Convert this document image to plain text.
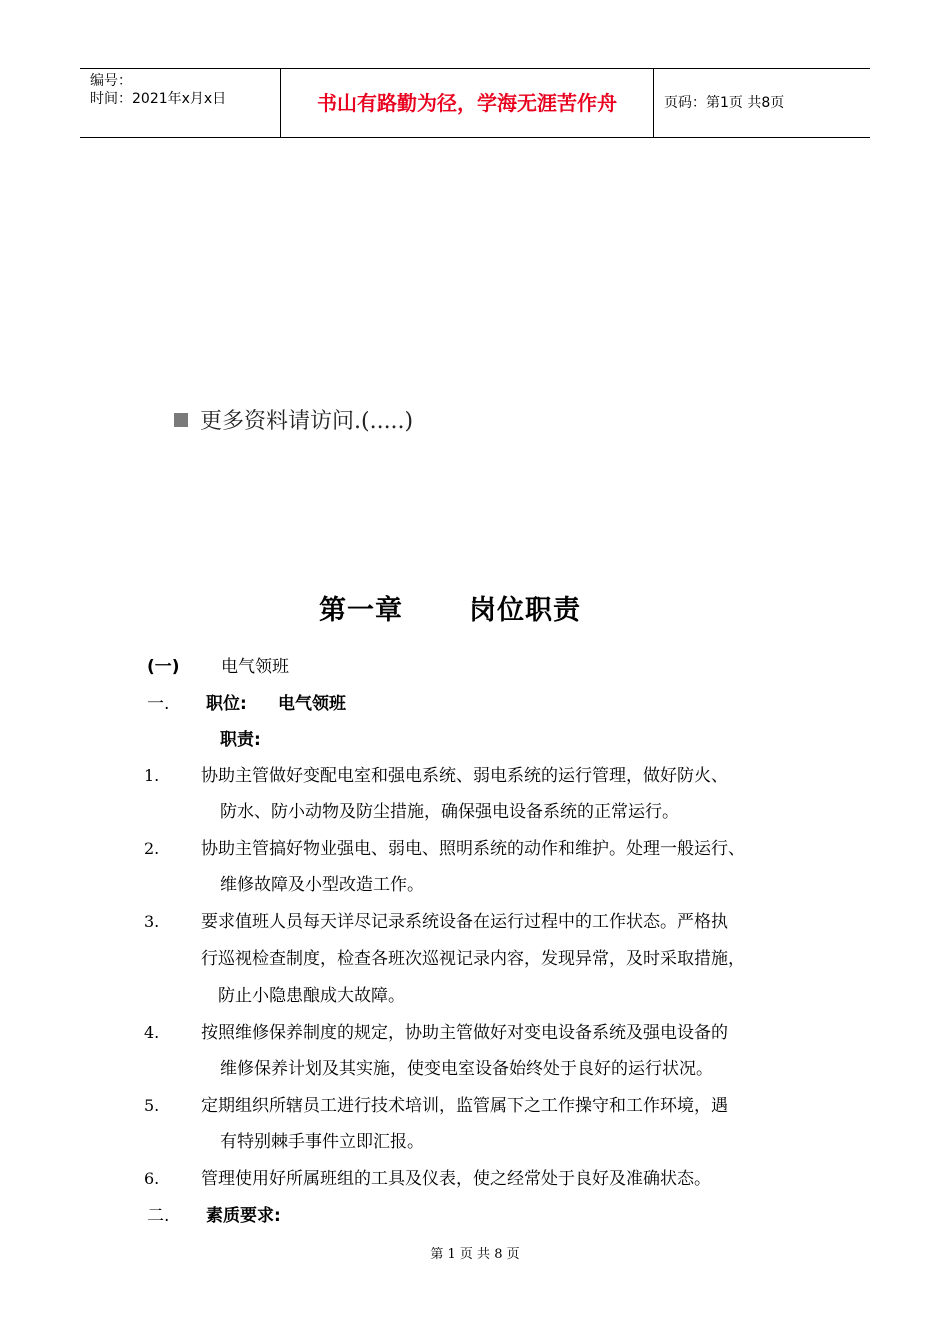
编号：
时间：2021年x月x日	书山有路勤为径，学海无涯苦作舟	页码：第1页 共8页
更多资料请访问.(.....)
第一章 岗位职责
(一) 电气领班
一. 职位: 电气领班
职责:
1. 协助主管做好变配电室和强电系统、弱电系统的运行管理，做好防火、
防水、防小动物及防尘措施，确保强电设备系统的正常运行。
2. 协助主管搞好物业强电、弱电、照明系统的动作和维护。处理一般运行、
维修故障及小型改造工作。
3. 要求值班人员每天详尽记录系统设备在运行过程中的工作状态。严格执
行巡视检查制度，检查各班次巡视记录内容，发现异常，及时采取措施，
防止小隐患酿成大故障。
4. 按照维修保养制度的规定，协助主管做好对变电设备系统及强电设备的
维修保养计划及其实施，使变电室设备始终处于良好的运行状况。
5. 定期组织所辖员工进行技术培训，监管属下之工作操守和工作环境，遇
有特别棘手事件立即汇报。
6. 管理使用好所属班组的工具及仪表，使之经常处于良好及准确状态。
二. 素质要求:
第 1 页 共 8 页
